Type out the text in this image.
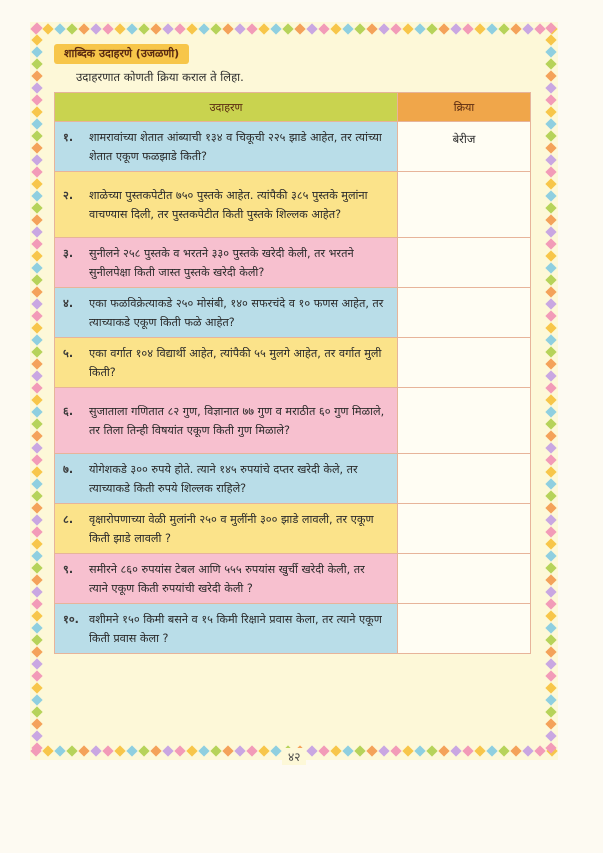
शाब्दिक उदाहरणे (उजळणी)
उदाहरणात कोणती क्रिया कराल ते लिहा.
उदाहरण	क्रिया

१. शामरावांच्या शेतात आंब्याची १३४ व चिकूची २२५ झाडे आहेत, तर त्यांच्या शेतात एकूण फळझाडे किती?	बेरीज

२. शाळेच्या पुस्तकपेटीत ७५० पुस्तके आहेत. त्यांपैकी ३८५ पुस्तके मुलांना वाचण्यास दिली, तर पुस्तकपेटीत किती पुस्तके शिल्लक आहेत?	

३. सुनीलने २५८ पुस्तके व भरतने ३३० पुस्तके खरेदी केली, तर भरतने सुनीलपेक्षा किती जास्त पुस्तके खरेदी केली?	

४. एका फळविक्रेत्याकडे २५० मोसंबी, १४० सफरचंदे व १० फणस आहेत, तर त्याच्याकडे एकूण किती फळे आहेत?	

५. एका वर्गात १०४ विद्यार्थी आहेत, त्यांपैकी ५५ मुलगे आहेत, तर वर्गात मुली किती?	

६. सुजाताला गणितात ८२ गुण, विज्ञानात ७७ गुण व मराठीत ६० गुण मिळाले, तर तिला तिन्ही विषयांत एकूण किती गुण मिळाले?	

७. योगेशकडे ३०० रुपये होते. त्याने १४५ रुपयांचे दप्तर खरेदी केले, तर त्याच्याकडे किती रुपये शिल्लक राहिले?	

८. वृक्षारोपणाच्या वेळी मुलांनी २५० व मुलींनी ३०० झाडे लावली, तर एकूण किती झाडे लावली ?	

९. समीरने ८६० रुपयांस टेबल आणि ५५५ रुपयांस खुर्ची खरेदी केली, तर त्याने एकूण किती रुपयांची खरेदी केली ?	

१०. वशीमने १५० किमी बसने व १५ किमी रिक्षाने प्रवास केला, तर त्याने एकूण किती प्रवास केला ?	

४२
